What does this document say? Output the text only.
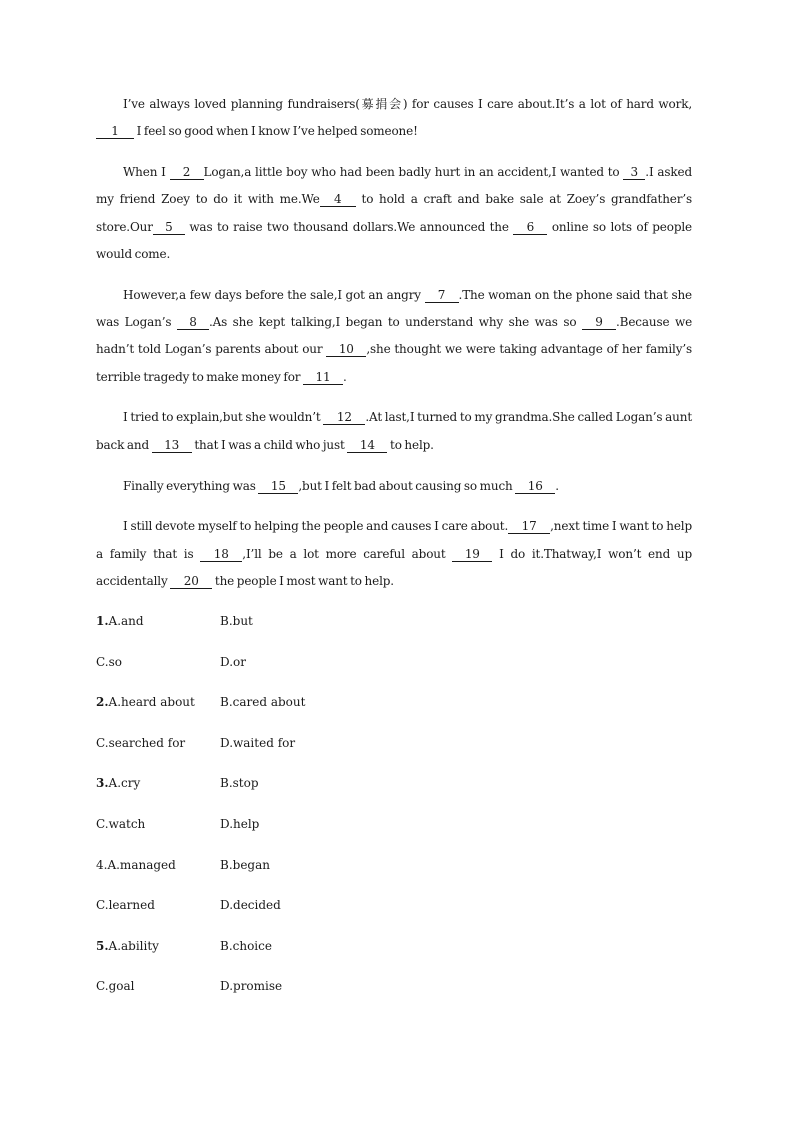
I’ve always loved planning fundraisers(募捐会) for causes I care about.It’s a lot of hard work, 1 I feel so good when I know I’ve helped someone!

When I 2 Logan,a little boy who had been badly hurt in an accident,I wanted to 3 .I asked my friend Zoey to do it with me.We 4 to hold a craft and bake sale at Zoey’s grandfather’s store.Our 5 was to raise two thousand dollars.We announced the 6 online so lots of people would come.

However,a few days before the sale,I got an angry 7 .The woman on the phone said that she was Logan’s 8 .As she kept talking,I began to understand why she was so 9 .Because we hadn’t told Logan’s parents about our 10 ,she thought we were taking advantage of her family’s terrible tragedy to make money for 11 .

I tried to explain,but she wouldn’t 12 .At last,I turned to my grandma.She called Logan’s aunt back and 13 that I was a child who just 14 to help.

Finally everything was 15 ,but I felt bad about causing so much 16 .

I still devote myself to helping the people and causes I care about. 17 ,next time I want to help a family that is 18 ,I’ll be a lot more careful about 19 I do it.Thatway,I won’t end up accidentally 20 the people I most want to help.

1.A.and	B.but
C.so	D.or
2.A.heard about B.cared about
C.searched for	D.waited for
3.A.cry	B.stop
C.watch	D.help
4.A.managed	B.began
C.learned	D.decided
5.A.ability	B.choice
C.goal	D.promise
